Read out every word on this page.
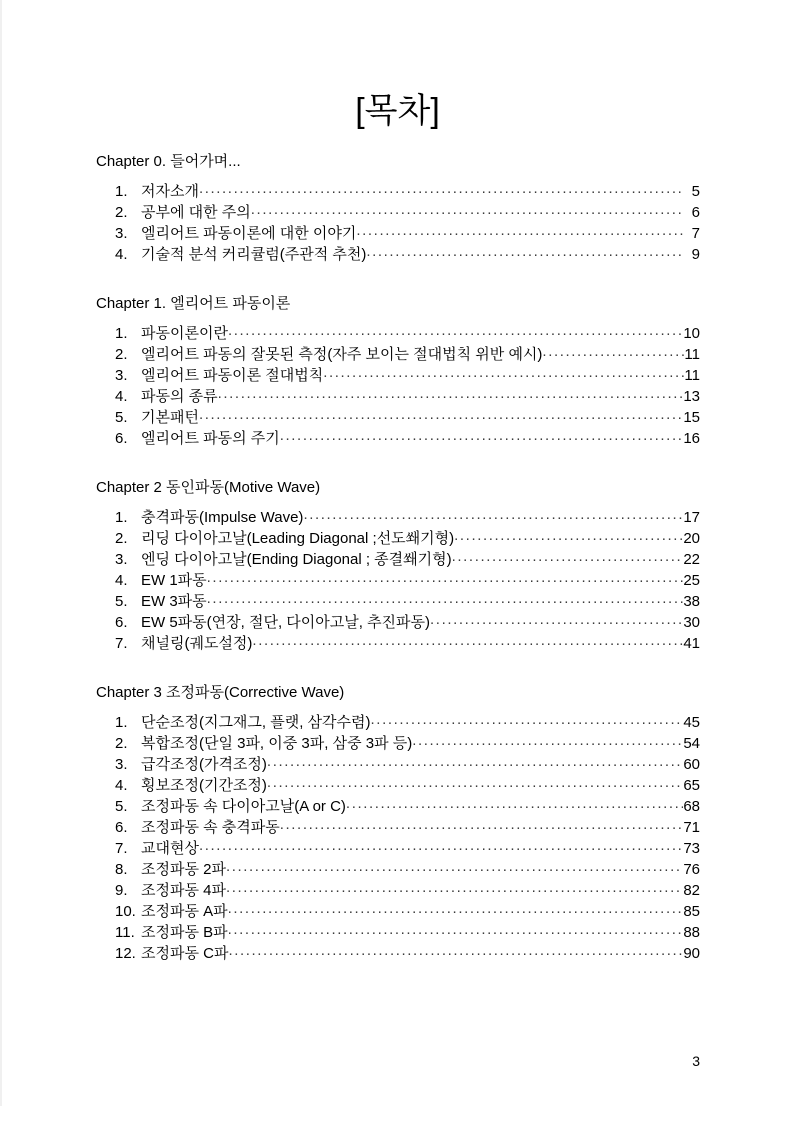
[목차]
Chapter 0. 들어가며...
1. 저자소개 .....	5
2. 공부에 대한 주의 .....	6
3. 엘리어트 파동이론에 대한 이야기 .....	7
4. 기술적 분석 커리큘럼(주관적 추천) .....	9
Chapter 1. 엘리어트 파동이론
1. 파동이론이란 .....	10
2. 엘리어트 파동의 잘못된 측정(자주 보이는 절대법칙 위반 예시) .....	11
3. 엘리어트 파동이론 절대법칙 .....	11
4. 파동의 종류 .....	13
5. 기본패턴 .....	15
6. 엘리어트 파동의 주기 .....	16
Chapter 2 동인파동(Motive Wave)
1. 충격파동(Impulse Wave) .....	17
2. 리딩 다이아고날(Leading Diagonal ;선도쐐기형) .....	20
3. 엔딩 다이아고날(Ending Diagonal ; 종결쐐기형) .....	22
4. EW 1파동 .....	25
5. EW 3파동 .....	38
6. EW 5파동(연장, 절단, 다이아고날, 추진파동) .....	30
7. 채널링(궤도설정) .....	41
Chapter 3 조정파동(Corrective Wave)
1. 단순조정(지그재그, 플랫, 삼각수렴) .....	45
2. 복합조정(단일 3파, 이중 3파, 삼중 3파 등) .....	54
3. 급각조정(가격조정) .....	60
4. 횡보조정(기간조정) .....	65
5. 조정파동 속 다이아고날(A or C) .....	68
6. 조정파동 속 충격파동 .....	71
7. 교대현상 .....	73
8. 조정파동 2파 .....	76
9. 조정파동 4파 .....	82
10. 조정파동 A파 .....	85
11. 조정파동 B파 .....	88
12. 조정파동 C파 .....	90
3
